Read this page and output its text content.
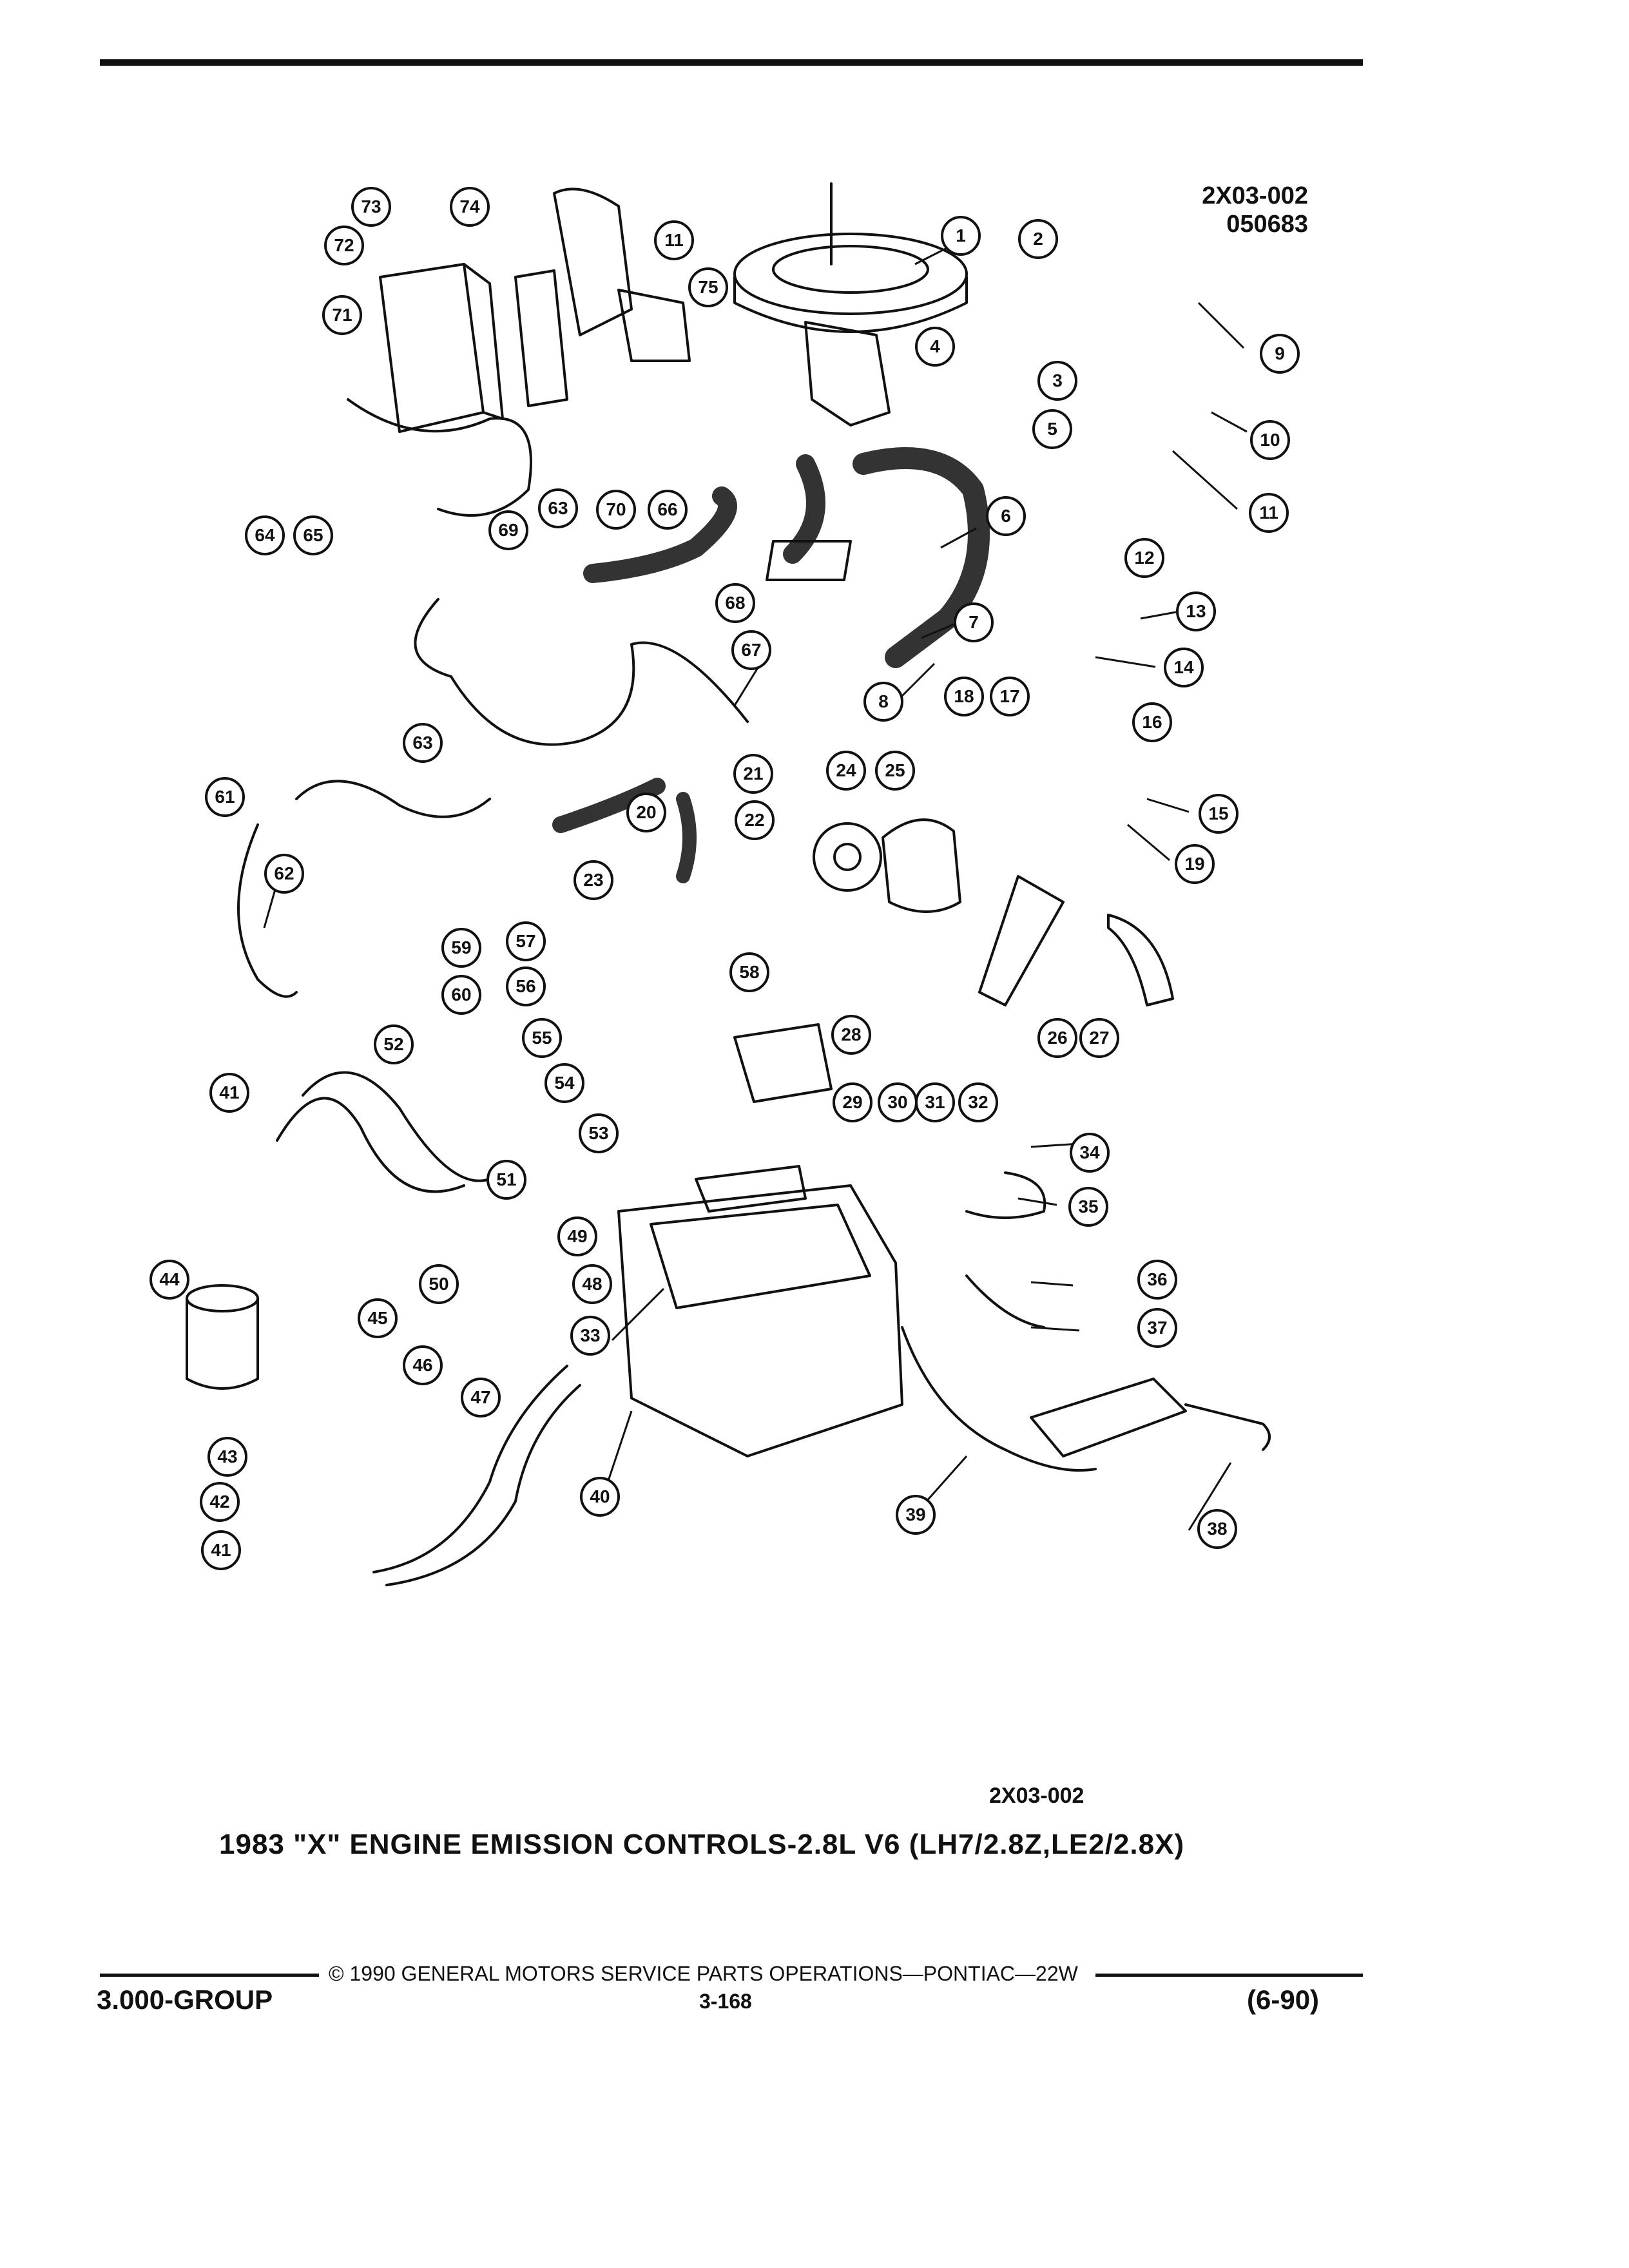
2X03-002
050683
73	74
72
71
11
75
1	2
9
4
3
10
5
11
63 70 66
69
64 65
6
68
67
7
12
13
14
8	18 17
16
63
21	24 25
15
61
20	22
19
62	23
59 57
58
60 56
55	28	26 27
52
41	54
29 30 31 32
53
34
51
35
49
44	50	48	36
45	37
33
46
47
43
40
42
39
38
41
2X03-002
1983 "X" ENGINE EMISSION CONTROLS-2.8L V6 (LH7/2.8Z,LE2/2.8X)
© 1990 GENERAL MOTORS SERVICE PARTS OPERATIONS—PONTIAC—22W
3.000-GROUP	3-168	(6-90)
